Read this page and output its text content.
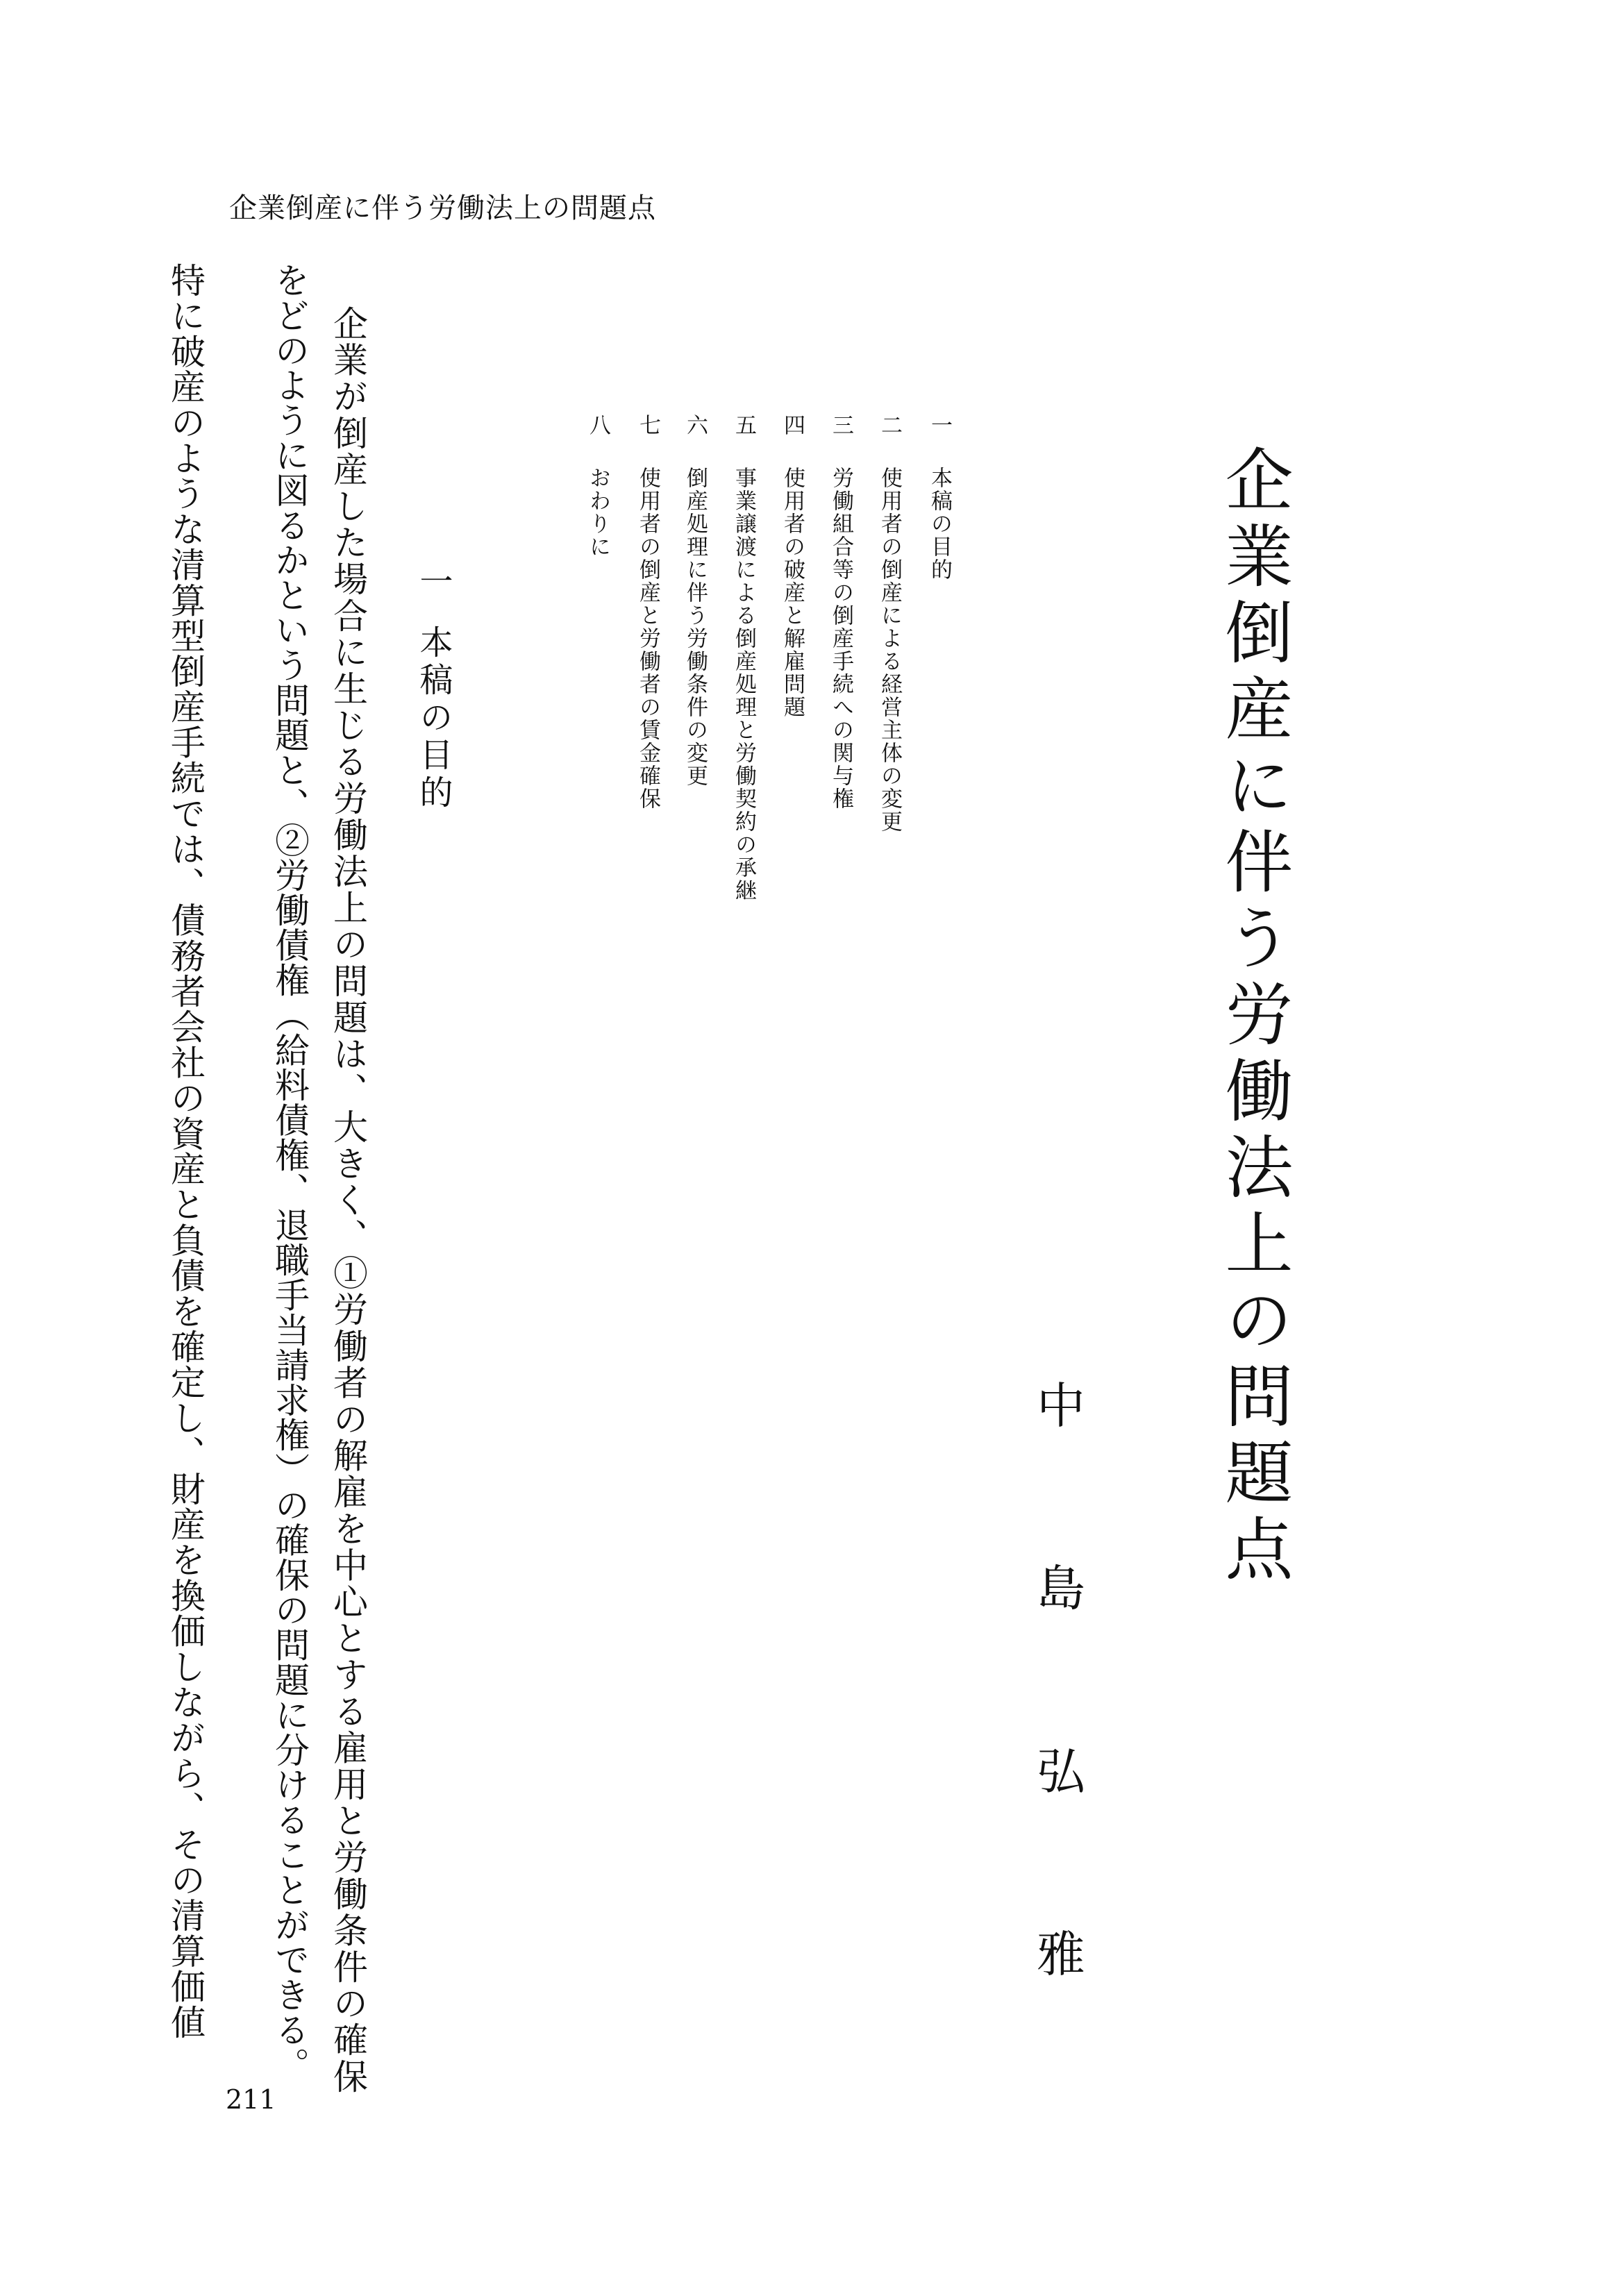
企業倒産に伴う労働法上の問題点
企業倒産に伴う労働法上の問題点
中
島
弘
雅
一
本稿の目的
二
使用者の倒産による経営主体の変更
三
労働組合等の倒産手続への関与権
四
使用者の破産と解雇問題
五
事業譲渡による倒産処理と労働契約の承継
六
倒産処理に伴う労働条件の変更
七
使用者の倒産と労働者の賃金確保
八
おわりに
一
本稿の目的
企業が倒産した場合に生じる労働法上の問題は、大きく、①労働者の解雇を中心とする雇用と労働条件の確保
をどのように図るかという問題と、②労働債権（給料債権、退職手当請求権）の確保の問題に分けることができる。
特に破産のような清算型倒産手続では、債務者会社の資産と負債を確定し、財産を換価しながら、その清算価値
211
